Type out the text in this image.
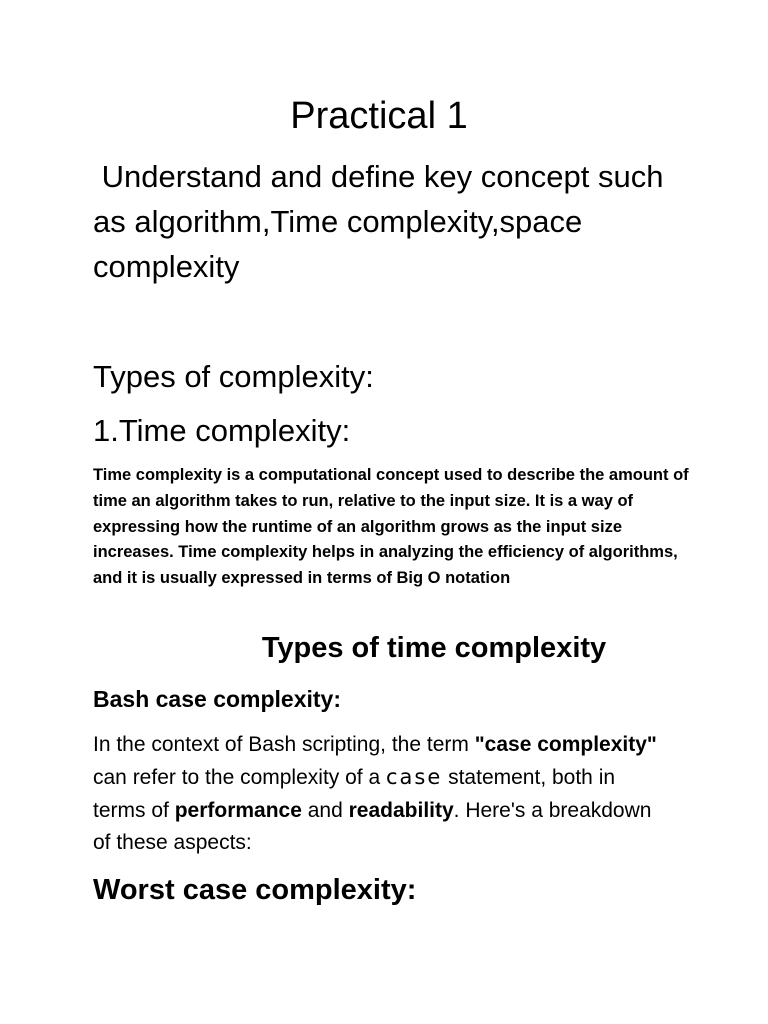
Practical 1

Understand and define key concept such as algorithm,Time complexity,space complexity

Types of complexity:
1.Time complexity:

Time complexity is a computational concept used to describe the amount of time an algorithm takes to run, relative to the input size. It is a way of expressing how the runtime of an algorithm grows as the input size increases. Time complexity helps in analyzing the efficiency of algorithms, and it is usually expressed in terms of Big O notation

Types of time complexity
Bash case complexity:

In the context of Bash scripting, the term "case complexity" can refer to the complexity of a case statement, both in terms of performance and readability. Here's a breakdown of these aspects:

Worst case complexity:
